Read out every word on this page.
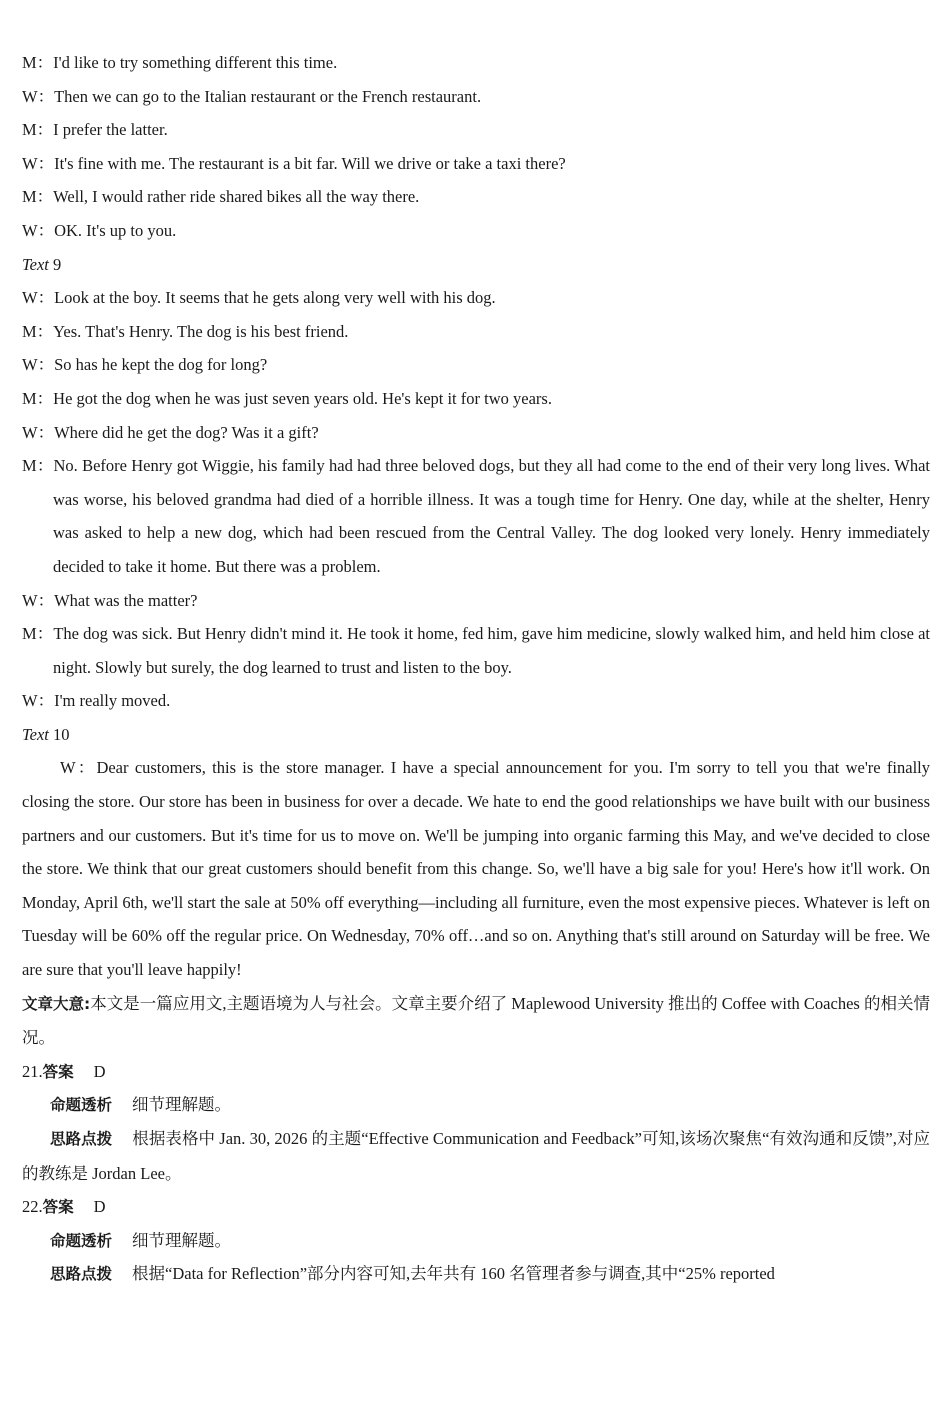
M： I'd like to try something different this time.
W： Then we can go to the Italian restaurant or the French restaurant.
M： I prefer the latter.
W： It's fine with me. The restaurant is a bit far. Will we drive or take a taxi there?
M： Well, I would rather ride shared bikes all the way there.
W： OK. It's up to you.
Text 9
W： Look at the boy. It seems that he gets along very well with his dog.
M： Yes. That's Henry. The dog is his best friend.
W： So has he kept the dog for long?
M： He got the dog when he was just seven years old. He's kept it for two years.
W： Where did he get the dog? Was it a gift?
M：No. Before Henry got Wiggie, his family had had three beloved dogs, but they all had come to the end of their very long lives. What was worse, his beloved grandma had died of a horrible illness. It was a tough time for Henry. One day, while at the shelter, Henry was asked to help a new dog, which had been rescued from the Central Valley. The dog looked very lonely. Henry immediately decided to take it home. But there was a problem.
W： What was the matter?
M：The dog was sick. But Henry didn't mind it. He took it home, fed him, gave him medicine, slowly walked him, and held him close at night. Slowly but surely, the dog learned to trust and listen to the boy.
W： I'm really moved.
Text 10
W：Dear customers, this is the store manager. I have a special announcement for you. I'm sorry to tell you that we're finally closing the store. Our store has been in business for over a decade. We hate to end the good relationships we have built with our business partners and our customers. But it's time for us to move on. We'll be jumping into organic farming this May, and we've decided to close the store. We think that our great customers should benefit from this change. So, we'll have a big sale for you! Here's how it'll work. On Monday, April 6th, we'll start the sale at 50% off everything—including all furniture, even the most expensive pieces. Whatever is left on Tuesday will be 60% off the regular price. On Wednesday, 70% off…and so on. Anything that's still around on Saturday will be free. We are sure that you'll leave happily!
文章大意:本文是一篇应用文,主题语境为人与社会。文章主要介绍了 Maplewood University 推出的 Coffee with Coaches 的相关情况。
21.答案 D
命题透析 细节理解题。
思路点拨 根据表格中 Jan. 30, 2026 的主题“Effective Communication and Feedback”可知,该场次聚焦“有效沟通和反馈”,对应的教练是 Jordan Lee。
22.答案 D
命题透析 细节理解题。
思路点拨 根据“Data for Reflection”部分内容可知,去年共有 160 名管理者参与调查,其中“25% reported
